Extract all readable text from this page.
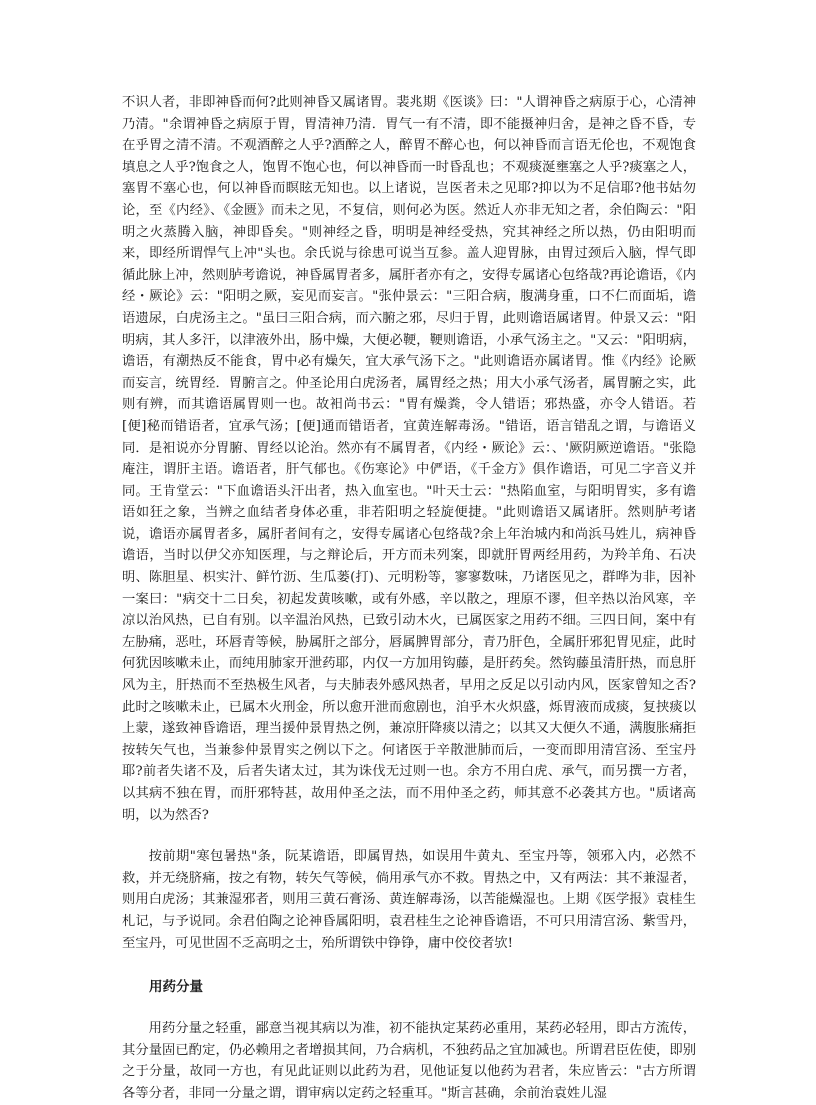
不识人者，非即神昏而何?此则神昏又属诸胃。裴兆期《医谈》曰："人谓神昏之病原于心，心清神乃清。"余谓神昏之病原于胃，胃清神乃清．胃气一有不清，即不能摄神归舍，是神之昏不昏，专在乎胃之清不清。不观酒醉之人乎?酒醉之人，醉胃不醉心也，何以神昏而言语无伦也，不观饱食填息之人乎?饱食之人，饱胃不饱心也，何以神昏而一时昏乱也；不观痰涎壅塞之人乎?痰塞之人，塞胃不塞心也，何以神昏而瞑眩无知也。以上诸说，岂医者未之见耶?抑以为不足信耶?他书姑勿论，至《内经》、《金匮》而未之见，不复信，则何必为医。然近人亦非无知之者，余伯陶云："阳明之火蒸腾入脑，神即昏矣。"则神经之昏，明明是神经受热，究其神经之所以热，仍由阳明而来，即经所谓悍气上冲"头也。余氏说与徐患可说当互参。盖人迎胃脉，由胃过颈后入脑，悍气即循此脉上冲，然则胪考谵说，神昏属胃者多，属肝者亦有之，安得专属诸心包络哉?再论谵语，《内经・厥论》云："阳明之厥，妄见而妄言。"张仲景云："三阳合病，腹满身重，口不仁而面垢，谵语遗尿，白虎汤主之。"虽曰三阳合病，而六腑之邪，尽归于胃，此则谵语属诸胃。仲景又云："阳明病，其人多汗，以津液外出，肠中燥，大便必鞕，鞕则谵语，小承气汤主之。"又云："阳明病，谵语，有潮热反不能食，胃中必有燥矢，宜大承气汤下之。"此则谵语亦属诸胃。惟《内经》论厥而妄言，统胃经．胃腑言之。仲圣论用白虎汤者，属胃经之热；用大小承气汤者，属胃腑之实，此则有辨，而其谵语属胃则一也。故衵尚书云："胃有燥粪，令人错语；邪热盛，亦令人错语。若[便]秘而错语者，宜承气汤；[便]通而错语者，宜黄连解毒汤。"错语，语言错乱之谓，与谵语义同．是衵说亦分胃腑、胃经以论治。然亦有不属胃者，《内经・厥论》云：、'厥阴厥逆谵语。"张隐庵注，谓肝主语。谵语者，肝气郁也。《伤寒论》中俨语，《千金方》俱作谵语，可见二字音义并同。王肯堂云："下血谵语头汗出者，热入血室也。"叶天士云："热陷血室，与阳明胃实，多有谵语如狂之象，当辨之血结者身体必重，非若阳明之轻旋便捷。"此则谵语又属诸肝。然则胪考诸说，谵语亦属胃者多，属肝者间有之，安得专属诸心包络哉?余上年治城内和尚浜马姓儿，病神昏谵语，当时以伊父亦知医理，与之辩论后，开方而未列案，即就肝胃两经用药，为羚羊角、石决明、陈胆星、枳实汁、鲜竹沥、生瓜蒌(打)、元明粉等，寥寥数味，乃诸医见之，群哗为非，因补一案曰："病交十二日矣，初起发黄咳嗽，或有外感，辛以散之，理原不谬，但辛热以治风寒，辛凉以治风热，已自有别。以辛温治风热，已致引动木火，已属医家之用药不细。三四日间，案中有左胁痛，恶吐，环唇青等候，胁属肝之部分，唇属脾胃部分，青乃肝色，全属肝邪犯胃见症，此时何犹因咳嗽未止，而纯用肺家开泄药耶，内仅一方加用钩藤，是肝药矣。然钩藤虽清肝热，而息肝风为主，肝热而不至热极生风者，与夫肺表外感风热者，早用之反足以引动内风，医家曾知之否?此时之咳嗽未止，已属木火刑金，所以愈开泄而愈剧也，洎乎木火炽盛，烁胃液而成痰，复挟痰以上蒙，遂致神昏谵语，理当援仲景胃热之例，兼凉肝降痰以清之；以其又大便久不通，满腹胀痛拒按转矢气也，当兼参仲景胃实之例以下之。何诸医于辛散泄肺而后，一变而即用清宫汤、至宝丹耶?前者失诸不及，后者失诸太过，其为诛伐无过则一也。余方不用白虎、承气，而另撰一方者，以其病不独在胃，而肝邪特甚，故用仲圣之法，而不用仲圣之药，师其意不必袭其方也。"质诸高明，以为然否?

按前期"寒包暑热"条，阮某谵语，即属胃热，如误用牛黄丸、至宝丹等，领邪入内，必然不救，并无绕脐痛，按之有物，转矢气等候，倘用承气亦不救。胃热之中，又有两法：其不兼湿者，则用白虎汤；其兼湿邪者，则用三黄石膏汤、黄连解毒汤，以苦能燥湿也。上期《医学报》袁桂生札记，与予说同。余君伯陶之论神昏属阳明，袁君桂生之论神昏谵语，不可只用清宫汤、紫雪丹，至宝丹，可见世固不乏高明之士，殆所谓铁中铮铮，庸中佼佼者欤!

用药分量

用药分量之轻重，鄙意当视其病以为准，初不能执定某药必重用，某药必轻用，即古方流传，其分量固已酌定，仍必赖用之者增损其间，乃合病机，不独药品之宜加减也。所谓君臣佐使，即别之于分量，故同一方也，有见此证则以此药为君，见他证复以他药为君者，朱应皆云："古方所谓各等分者，非同一分量之谓，谓审病以定药之轻重耳。"斯言甚确，余前治袁姓儿湿
